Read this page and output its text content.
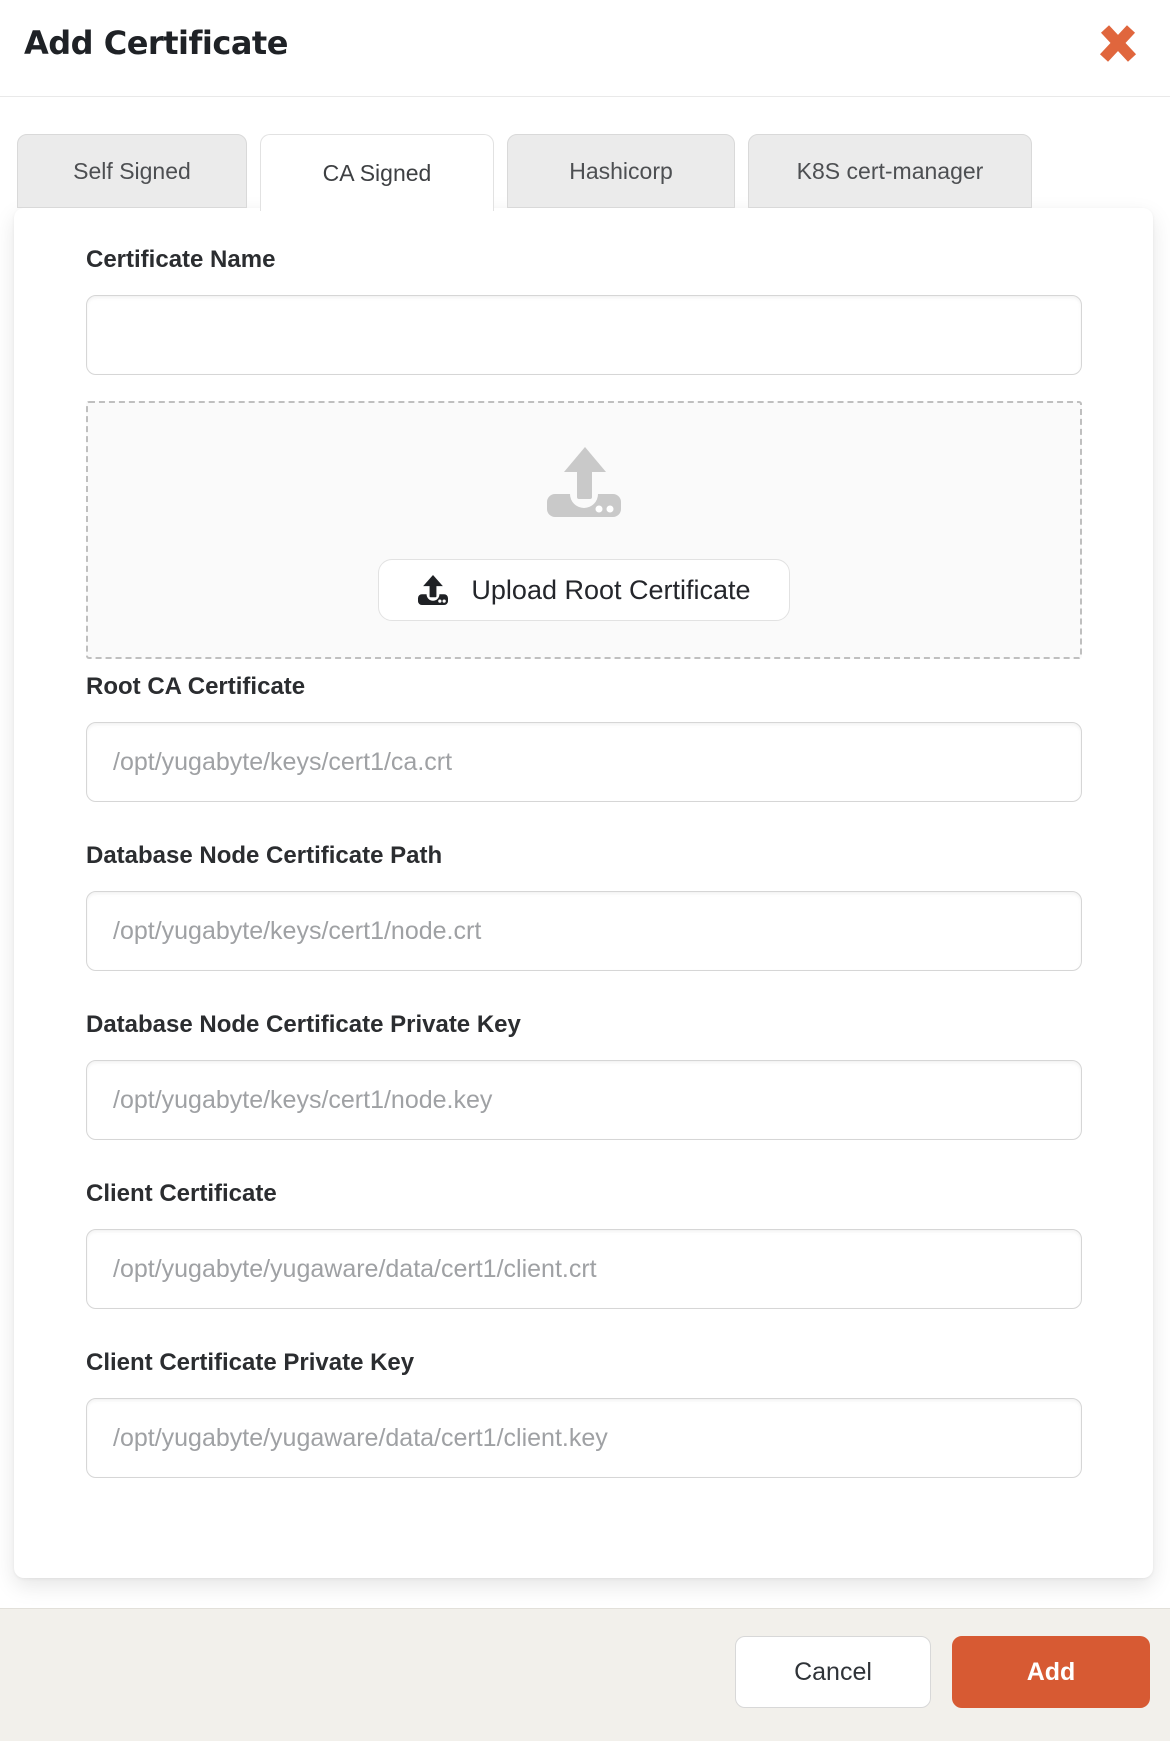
Add Certificate
Self Signed	CA Signed	Hashicorp	K8S cert-manager
Certificate Name
Upload Root Certificate
Root CA Certificate
/opt/yugabyte/keys/cert1/ca.crt
Database Node Certificate Path
/opt/yugabyte/keys/cert1/node.crt
Database Node Certificate Private Key
/opt/yugabyte/keys/cert1/node.key
Client Certificate
/opt/yugabyte/yugaware/data/cert1/client.crt
Client Certificate Private Key
/opt/yugabyte/yugaware/data/cert1/client.key
Cancel	Add
